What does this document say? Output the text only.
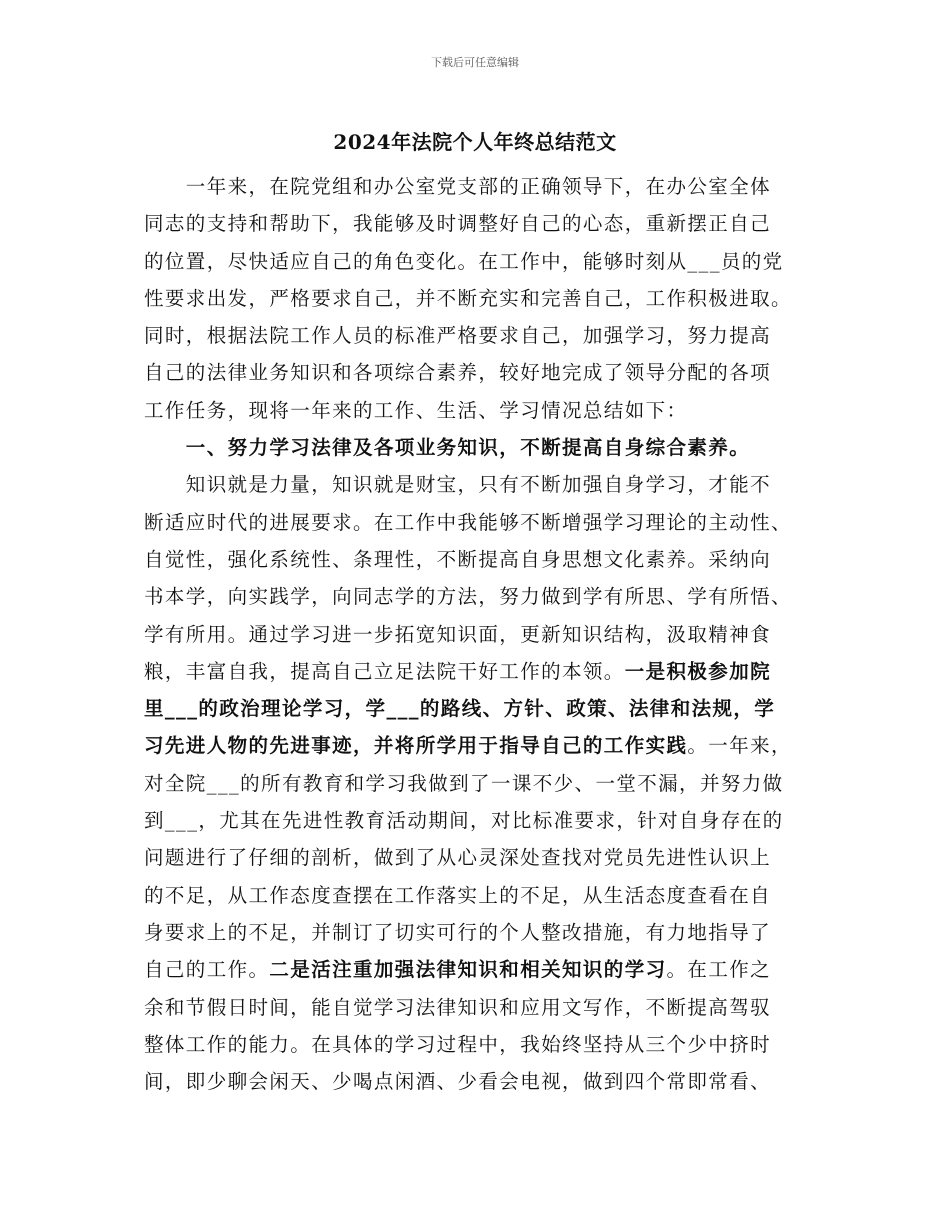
下载后可任意编辑
2024年法院个人年终总结范文
　　一年来，在院党组和办公室党支部的正确领导下，在办公室全体
同志的支持和帮助下，我能够及时调整好自己的心态，重新摆正自己
的位置，尽快适应自己的角色变化。在工作中，能够时刻从___员的党
性要求出发，严格要求自己，并不断充实和完善自己，工作积极进取。
同时，根据法院工作人员的标准严格要求自己，加强学习，努力提高
自己的法律业务知识和各项综合素养，较好地完成了领导分配的各项
工作任务，现将一年来的工作、生活、学习情况总结如下：
　　一、努力学习法律及各项业务知识，不断提高自身综合素养。
　　知识就是力量，知识就是财宝，只有不断加强自身学习，才能不
断适应时代的进展要求。在工作中我能够不断增强学习理论的主动性、
自觉性，强化系统性、条理性，不断提高自身思想文化素养。采纳向
书本学，向实践学，向同志学的方法，努力做到学有所思、学有所悟、
学有所用。通过学习进一步拓宽知识面，更新知识结构，汲取精神食
粮，丰富自我，提高自己立足法院干好工作的本领。一是积极参加院
里___的政治理论学习，学___的路线、方针、政策、法律和法规，学
习先进人物的先进事迹，并将所学用于指导自己的工作实践。一年来，
对全院___的所有教育和学习我做到了一课不少、一堂不漏，并努力做
到___，尤其在先进性教育活动期间，对比标准要求，针对自身存在的
问题进行了仔细的剖析，做到了从心灵深处查找对党员先进性认识上
的不足，从工作态度查摆在工作落实上的不足，从生活态度查看在自
身要求上的不足，并制订了切实可行的个人整改措施，有力地指导了
自己的工作。二是活注重加强法律知识和相关知识的学习。在工作之
余和节假日时间，能自觉学习法律知识和应用文写作，不断提高驾驭
整体工作的能力。在具体的学习过程中，我始终坚持从三个少中挤时
间，即少聊会闲天、少喝点闲酒、少看会电视，做到四个常即常看、
